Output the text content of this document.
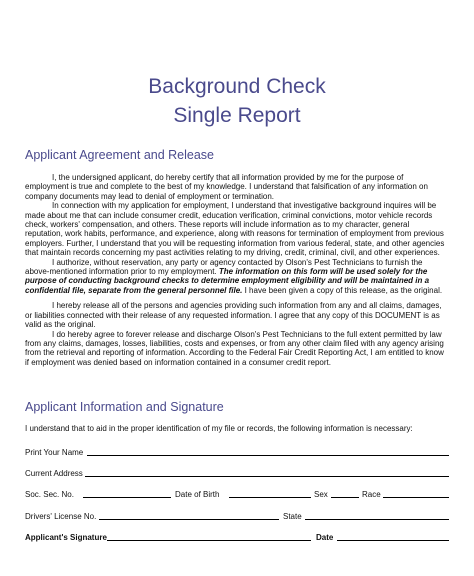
Background Check
Single Report
Applicant Agreement and Release

I, the undersigned applicant, do hereby certify that all information provided by me for the purpose of employment is true and complete to the best of my knowledge. I understand that falsification of any information on company documents may lead to denial of employment or termination.

In connection with my application for employment, I understand that investigative background inquires will be made about me that can include consumer credit, education verification, criminal convictions, motor vehicle records check, workers' compensation, and others. These reports will include information as to my character, general reputation, work habits, performance, and experience, along with reasons for termination of employment from previous employers. Further, I understand that you will be requesting information from various federal, state, and other agencies that maintain records concerning my past activities relating to my driving, credit, criminal, civil, and other experiences.

I authorize, without reservation, any party or agency contacted by Olson's Pest Technicians to furnish the above-mentioned information prior to my employment. The information on this form will be used solely for the purpose of conducting background checks to determine employment eligibility and will be maintained in a confidential file, separate from the general personnel file. I have been given a copy of this release, as the original.

I hereby release all of the persons and agencies providing such information from any and all claims, damages, or liabilities connected with their release of any requested information. I agree that any copy of this DOCUMENT is as valid as the original.

I do hereby agree to forever release and discharge Olson's Pest Technicians to the full extent permitted by law from any claims, damages, losses, liabilities, costs and expenses, or from any other claim filed with any agency arising from the retrieval and reporting of information. According to the Federal Fair Credit Reporting Act, I am entitled to know if employment was denied based on information contained in a consumer credit report.

Applicant Information and Signature
I understand that to aid in the proper identification of my file or records, the following information is necessary:
Print Your Name
Current Address
Soc. Sec. No.	Date of Birth	Sex	Race
Drivers' License No.	State
Applicant's Signature	Date
